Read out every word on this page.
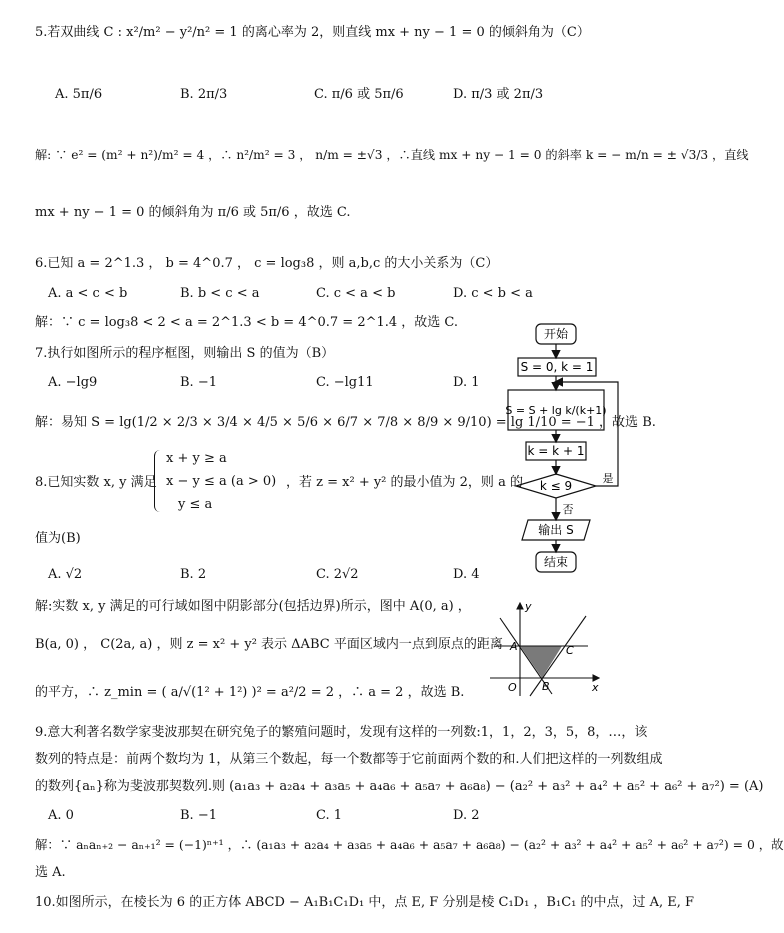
5.若双曲线 C : x²/m² − y²/n² = 1 的离心率为 2，则直线 mx + ny − 1 = 0 的倾斜角为（C）
A. 5π/6	B. 2π/3	C. π/6 或 5π/6	D. π/3 或 2π/3
解: ∵ e² = (m² + n²)/m² = 4 ，∴ n²/m² = 3 ， n/m = ±√3 ，∴直线 mx + ny − 1 = 0 的斜率 k = − m/n = ± √3/3 ，直线
mx + ny − 1 = 0 的倾斜角为 π/6 或 5π/6 ，故选 C.
6.已知 a = 2^1.3 ， b = 4^0.7 ， c = log₃8 ，则 a,b,c 的大小关系为（C）
A. a < c < b	B. b < c < a	C. c < a < b	D. c < b < a
解：∵ c = log₃8 < 2 < a = 2^1.3 < b = 4^0.7 = 2^1.4 ，故选 C.
7.执行如图所示的程序框图，则输出 S 的值为（B）
A. −lg9	B. −1	C. −lg11	D. 1
解：易知 S = lg(1/2 × 2/3 × 3/4 × 4/5 × 5/6 × 6/7 × 7/8 × 8/9 × 9/10) = lg 1/10 = −1 ，故选 B.
开始
S = 0, k = 1
S = S + lg k/(k+1)
k = k + 1
k ≤ 9
是
否
输出 S
结束
8.已知实数 x, y 满足
x + y ≥ a
x − y ≤ a (a > 0)
y ≤ a
，若 z = x² + y² 的最小值为 2，则 a 的
值为(B)
A. √2	B. 2	C. 2√2	D. 4
解:实数 x, y 满足的可行域如图中阴影部分(包括边界)所示，图中 A(0, a) ，
B(a, 0) ， C(2a, a) ，则 z = x² + y² 表示 ΔABC 平面区域内一点到原点的距离
的平方，∴ z_min = ( a/√(1² + 1²) )² = a²/2 = 2 ，∴ a = 2 ，故选 B.
y
x
O
A
B
C
9.意大利著名数学家斐波那契在研究兔子的繁殖问题时，发现有这样的一列数:1，1，2，3，5，8，…，该
数列的特点是：前两个数均为 1，从第三个数起，每一个数都等于它前面两个数的和.人们把这样的一列数组成
的数列{aₙ}称为斐波那契数列.则 (a₁a₃ + a₂a₄ + a₃a₅ + a₄a₆ + a₅a₇ + a₆a₈) − (a₂² + a₃² + a₄² + a₅² + a₆² + a₇²) = (A)
A. 0	B. −1	C. 1	D. 2
解：∵ aₙaₙ₊₂ − aₙ₊₁² = (−1)ⁿ⁺¹ ，∴ (a₁a₃ + a₂a₄ + a₃a₅ + a₄a₆ + a₅a₇ + a₆a₈) − (a₂² + a₃² + a₄² + a₅² + a₆² + a₇²) = 0 ，故
选 A.
10.如图所示，在棱长为 6 的正方体 ABCD − A₁B₁C₁D₁ 中，点 E, F 分别是棱 C₁D₁ ，B₁C₁ 的中点，过 A, E, F
